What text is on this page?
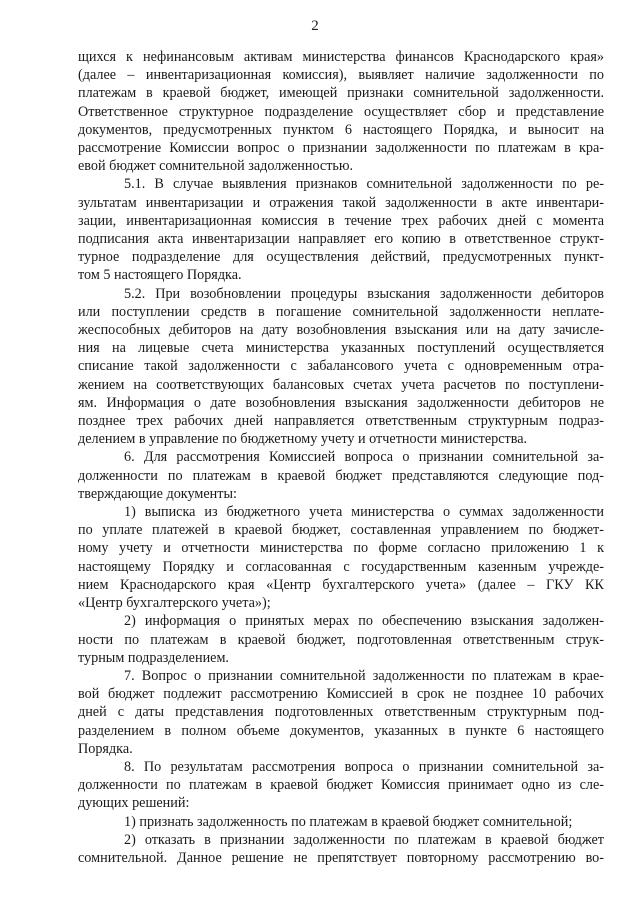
2
щихся к нефинансовым активам министерства финансов Краснодарского края»
(далее – инвентаризационная комиссия), выявляет наличие задолженности по
платежам в краевой бюджет, имеющей признаки сомнительной задолженности.
Ответственное структурное подразделение осуществляет сбор и представление
документов, предусмотренных пунктом 6 настоящего Порядка, и выносит на
рассмотрение Комиссии вопрос о признании задолженности по платежам в кра-
евой бюджет сомнительной задолженностью.
5.1. В случае выявления признаков сомнительной задолженности по ре-
зультатам инвентаризации и отражения такой задолженности в акте инвентари-
зации, инвентаризационная комиссия в течение трех рабочих дней с момента
подписания акта инвентаризации направляет его копию в ответственное структ-
турное подразделение для осуществления действий, предусмотренных пункт-
том 5 настоящего Порядка.
5.2. При возобновлении процедуры взыскания задолженности дебиторов
или поступлении средств в погашение сомнительной задолженности неплате-
жеспособных дебиторов на дату возобновления взыскания или на дату зачисле-
ния на лицевые счета министерства указанных поступлений осуществляется
списание такой задолженности с забалансового учета с одновременным отра-
жением на соответствующих балансовых счетах учета расчетов по поступлени-
ям. Информация о дате возобновления взыскания задолженности дебиторов не
позднее трех рабочих дней направляется ответственным структурным подраз-
делением в управление по бюджетному учету и отчетности министерства.
6. Для рассмотрения Комиссией вопроса о признании сомнительной за-
долженности по платежам в краевой бюджет представляются следующие под-
тверждающие документы:
1) выписка из бюджетного учета министерства о суммах задолженности
по уплате платежей в краевой бюджет, составленная управлением по бюджет-
ному учету и отчетности министерства по форме согласно приложению 1 к
настоящему Порядку и согласованная с государственным казенным учрежде-
нием Краснодарского края «Центр бухгалтерского учета» (далее – ГКУ КК
«Центр бухгалтерского учета»);
2) информация о принятых мерах по обеспечению взыскания задолжен-
ности по платежам в краевой бюджет, подготовленная ответственным струк-
турным подразделением.
7. Вопрос о признании сомнительной задолженности по платежам в крае-
вой бюджет подлежит рассмотрению Комиссией в срок не позднее 10 рабочих
дней с даты представления подготовленных ответственным структурным под-
разделением в полном объеме документов, указанных в пункте 6 настоящего
Порядка.
8. По результатам рассмотрения вопроса о признании сомнительной за-
долженности по платежам в краевой бюджет Комиссия принимает одно из сле-
дующих решений:
1) признать задолженность по платежам в краевой бюджет сомнительной;
2) отказать в признании задолженности по платежам в краевой бюджет
сомнительной. Данное решение не препятствует повторному рассмотрению во-
